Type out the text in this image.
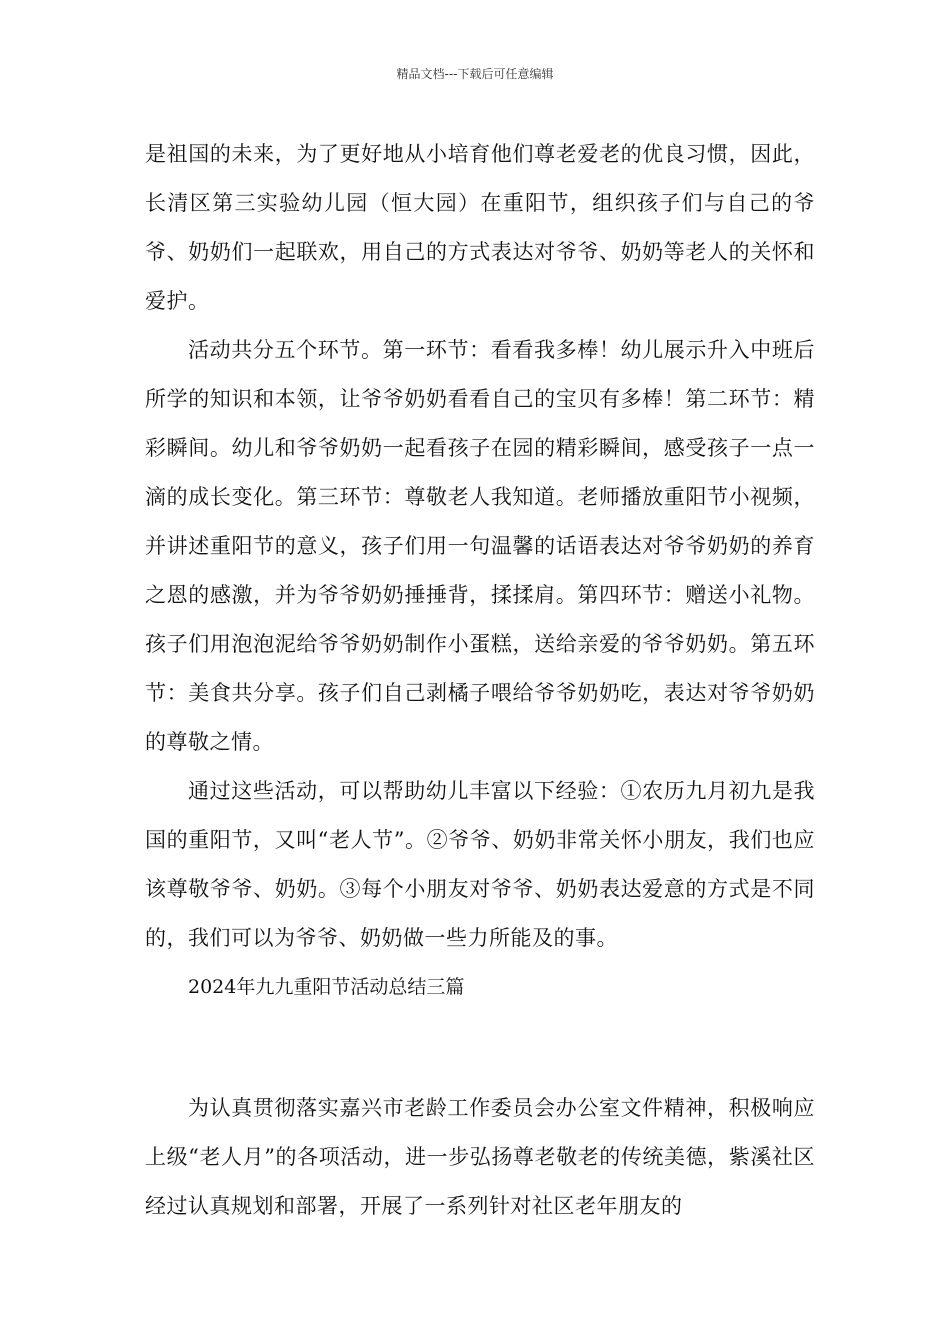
精品文档---下载后可任意编辑

是祖国的未来，为了更好地从小培育他们尊老爱老的优良习惯，因此，长清区第三实验幼儿园（恒大园）在重阳节，组织孩子们与自己的爷爷、奶奶们一起联欢，用自己的方式表达对爷爷、奶奶等老人的关怀和爱护。

活动共分五个环节。第一环节：看看我多棒！幼儿展示升入中班后所学的知识和本领，让爷爷奶奶看看自己的宝贝有多棒！第二环节：精彩瞬间。幼儿和爷爷奶奶一起看孩子在园的精彩瞬间，感受孩子一点一滴的成长变化。第三环节：尊敬老人我知道。老师播放重阳节小视频，并讲述重阳节的意义，孩子们用一句温馨的话语表达对爷爷奶奶的养育之恩的感激，并为爷爷奶奶捶捶背，揉揉肩。第四环节：赠送小礼物。孩子们用泡泡泥给爷爷奶奶制作小蛋糕，送给亲爱的爷爷奶奶。第五环节：美食共分享。孩子们自己剥橘子喂给爷爷奶奶吃，表达对爷爷奶奶的尊敬之情。

通过这些活动，可以帮助幼儿丰富以下经验：①农历九月初九是我国的重阳节，又叫“老人节”。②爷爷、奶奶非常关怀小朋友，我们也应该尊敬爷爷、奶奶。③每个小朋友对爷爷、奶奶表达爱意的方式是不同的，我们可以为爷爷、奶奶做一些力所能及的事。

2024年九九重阳节活动总结三篇

为认真贯彻落实嘉兴市老龄工作委员会办公室文件精神，积极响应上级“老人月”的各项活动，进一步弘扬尊老敬老的传统美德，紫溪社区经过认真规划和部署，开展了一系列针对社区老年朋友的
